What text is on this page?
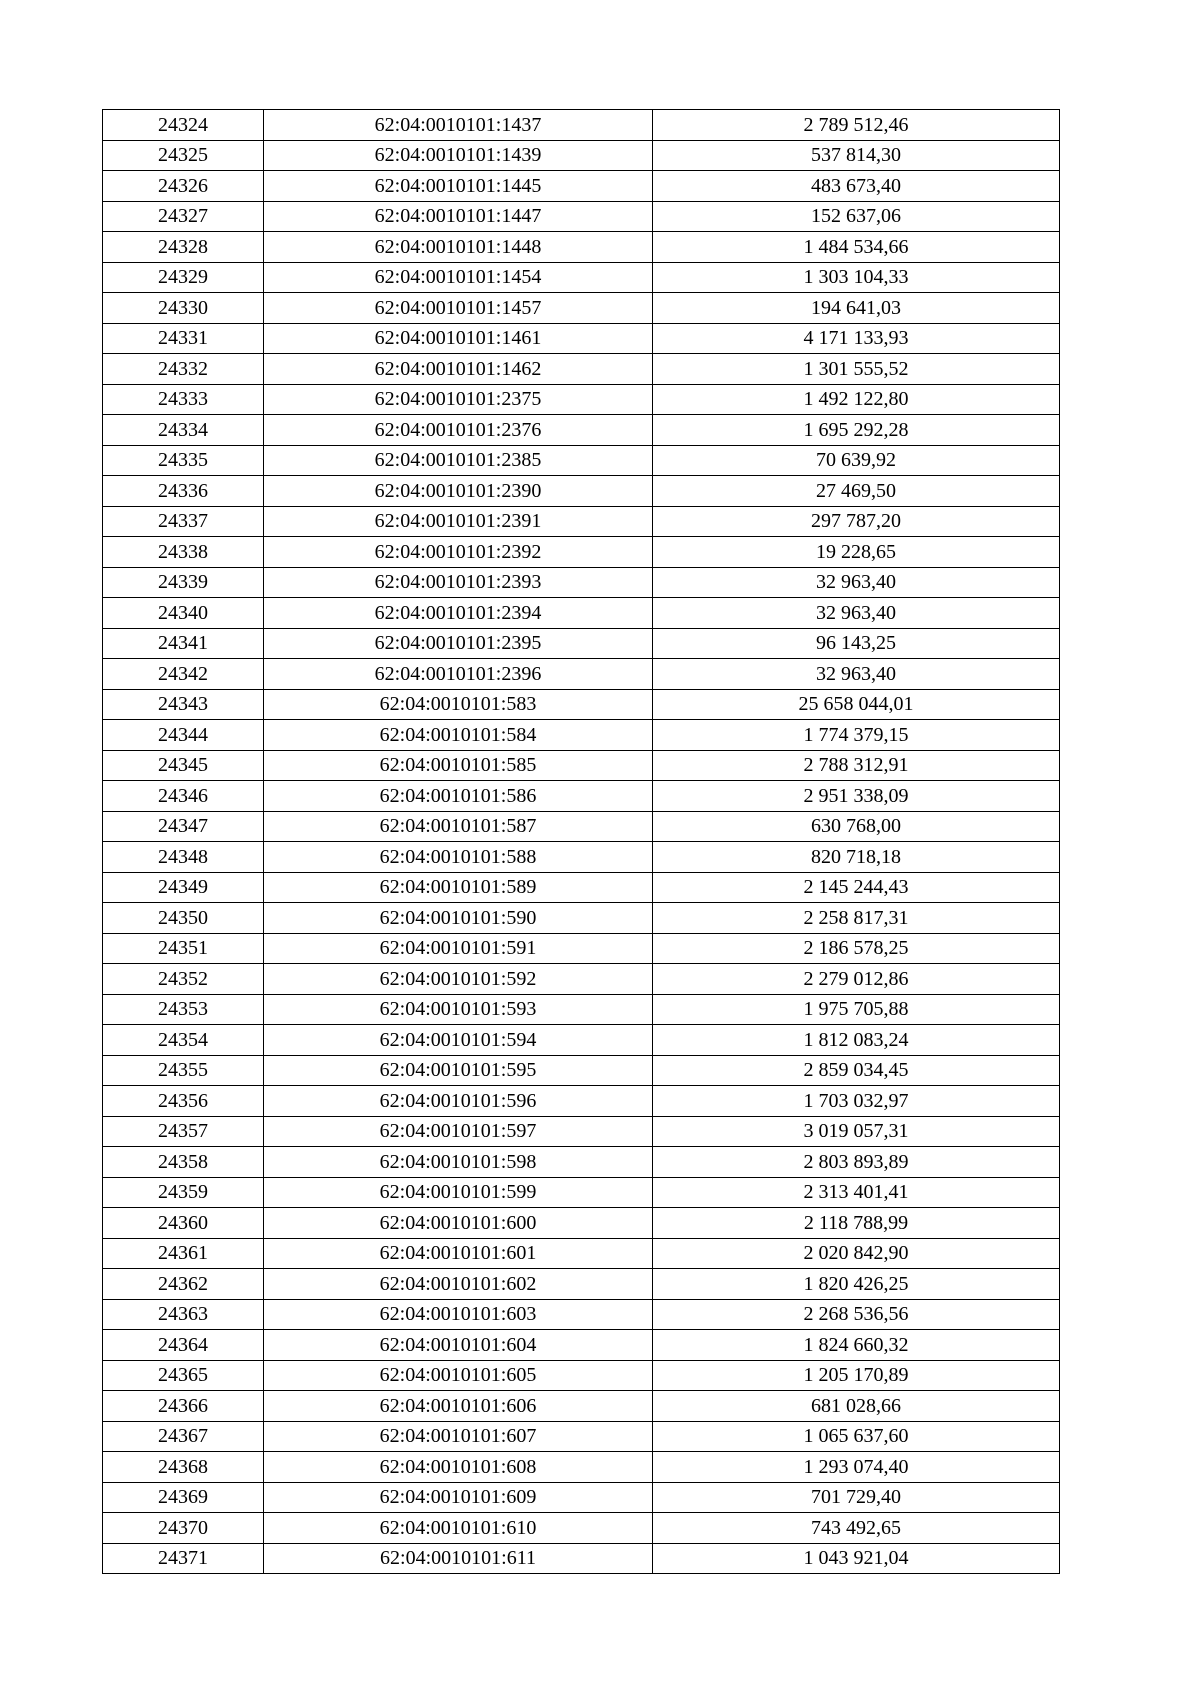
24324	62:04:0010101:1437	2 789 512,46
24325	62:04:0010101:1439	537 814,30
24326	62:04:0010101:1445	483 673,40
24327	62:04:0010101:1447	152 637,06
24328	62:04:0010101:1448	1 484 534,66
24329	62:04:0010101:1454	1 303 104,33
24330	62:04:0010101:1457	194 641,03
24331	62:04:0010101:1461	4 171 133,93
24332	62:04:0010101:1462	1 301 555,52
24333	62:04:0010101:2375	1 492 122,80
24334	62:04:0010101:2376	1 695 292,28
24335	62:04:0010101:2385	70 639,92
24336	62:04:0010101:2390	27 469,50
24337	62:04:0010101:2391	297 787,20
24338	62:04:0010101:2392	19 228,65
24339	62:04:0010101:2393	32 963,40
24340	62:04:0010101:2394	32 963,40
24341	62:04:0010101:2395	96 143,25
24342	62:04:0010101:2396	32 963,40
24343	62:04:0010101:583	25 658 044,01
24344	62:04:0010101:584	1 774 379,15
24345	62:04:0010101:585	2 788 312,91
24346	62:04:0010101:586	2 951 338,09
24347	62:04:0010101:587	630 768,00
24348	62:04:0010101:588	820 718,18
24349	62:04:0010101:589	2 145 244,43
24350	62:04:0010101:590	2 258 817,31
24351	62:04:0010101:591	2 186 578,25
24352	62:04:0010101:592	2 279 012,86
24353	62:04:0010101:593	1 975 705,88
24354	62:04:0010101:594	1 812 083,24
24355	62:04:0010101:595	2 859 034,45
24356	62:04:0010101:596	1 703 032,97
24357	62:04:0010101:597	3 019 057,31
24358	62:04:0010101:598	2 803 893,89
24359	62:04:0010101:599	2 313 401,41
24360	62:04:0010101:600	2 118 788,99
24361	62:04:0010101:601	2 020 842,90
24362	62:04:0010101:602	1 820 426,25
24363	62:04:0010101:603	2 268 536,56
24364	62:04:0010101:604	1 824 660,32
24365	62:04:0010101:605	1 205 170,89
24366	62:04:0010101:606	681 028,66
24367	62:04:0010101:607	1 065 637,60
24368	62:04:0010101:608	1 293 074,40
24369	62:04:0010101:609	701 729,40
24370	62:04:0010101:610	743 492,65
24371	62:04:0010101:611	1 043 921,04
